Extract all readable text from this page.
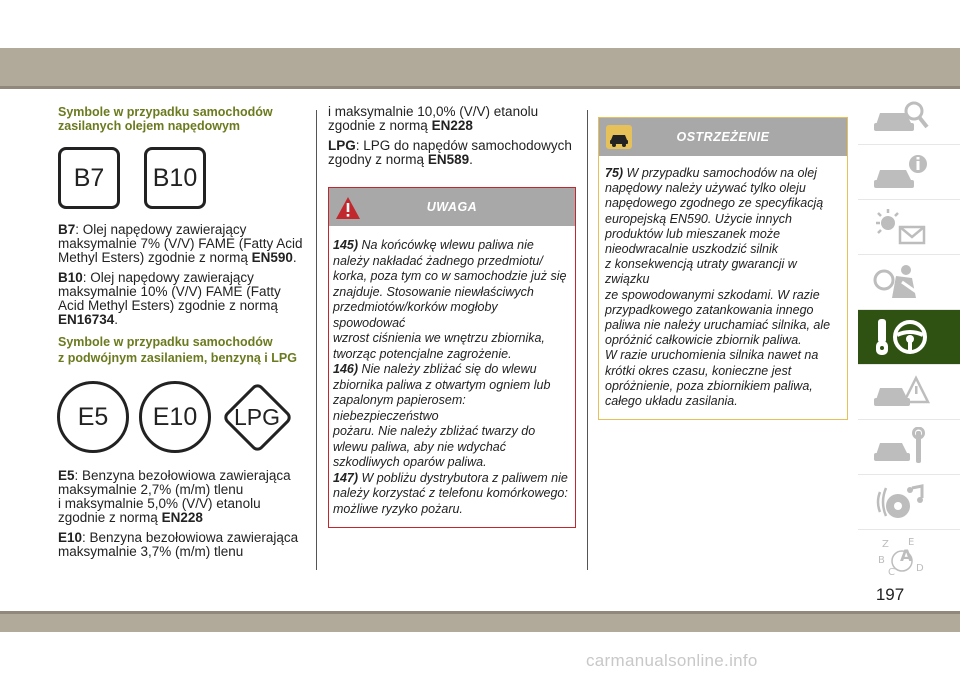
Symbole w przypadku samochodów
zasilanych olejem napędowym
B7	B10

B7: Olej napędowy zawierający
maksymalnie 7% (V/V) FAME (Fatty Acid
Methyl Esters) zgodnie z normą EN590.

B10: Olej napędowy zawierający
maksymalnie 10% (V/V) FAME (Fatty
Acid Methyl Esters) zgodnie z normą
EN16734.

Symbole w przypadku samochodów
z podwójnym zasilaniem, benzyną i LPG
E5	E10	LPG

E5: Benzyna bezołowiowa zawierająca
maksymalnie 2,7% (m/m) tlenu
i maksymalnie 5,0% (V/V) etanolu
zgodnie z normą EN228

E10: Benzyna bezołowiowa zawierająca
maksymalnie 3,7% (m/m) tlenu

i maksymalnie 10,0% (V/V) etanolu
zgodnie z normą EN228

LPG: LPG do napędów samochodowych
zgodny z normą EN589.

UWAGA
145) Na końcówkę wlewu paliwa nie
należy nakładać żadnego przedmiotu/
korka, poza tym co w samochodzie już się
znajduje. Stosowanie niewłaściwych
przedmiotów/korków mogłoby spowodować
wzrost ciśnienia we wnętrzu zbiornika,
tworząc potencjalne zagrożenie.
146) Nie należy zbliżać się do wlewu
zbiornika paliwa z otwartym ogniem lub
zapalonym papierosem: niebezpieczeństwo
pożaru. Nie należy zbliżać twarzy do
wlewu paliwa, aby nie wdychać
szkodliwych oparów paliwa.
147) W pobliżu dystrybutora z paliwem nie
należy korzystać z telefonu komórkowego:
możliwe ryzyko pożaru.
OSTRZEŻENIE
75) W przypadku samochodów na olej
napędowy należy używać tylko oleju
napędowego zgodnego ze specyfikacją
europejską EN590. Użycie innych
produktów lub mieszanek może
nieodwracalnie uszkodzić silnik
z konsekwencją utraty gwarancji w związku
ze spowodowanymi szkodami. W razie
przypadkowego zatankowania innego
paliwa nie należy uruchamiać silnika, ale
opróżnić całkowicie zbiornik paliwa.
W razie uruchomienia silnika nawet na
krótki okres czasu, konieczne jest
opróżnienie, poza zbiornikiem paliwa,
całego układu zasilania.
Z E
B A
C D
197
carmanualsonline.info
